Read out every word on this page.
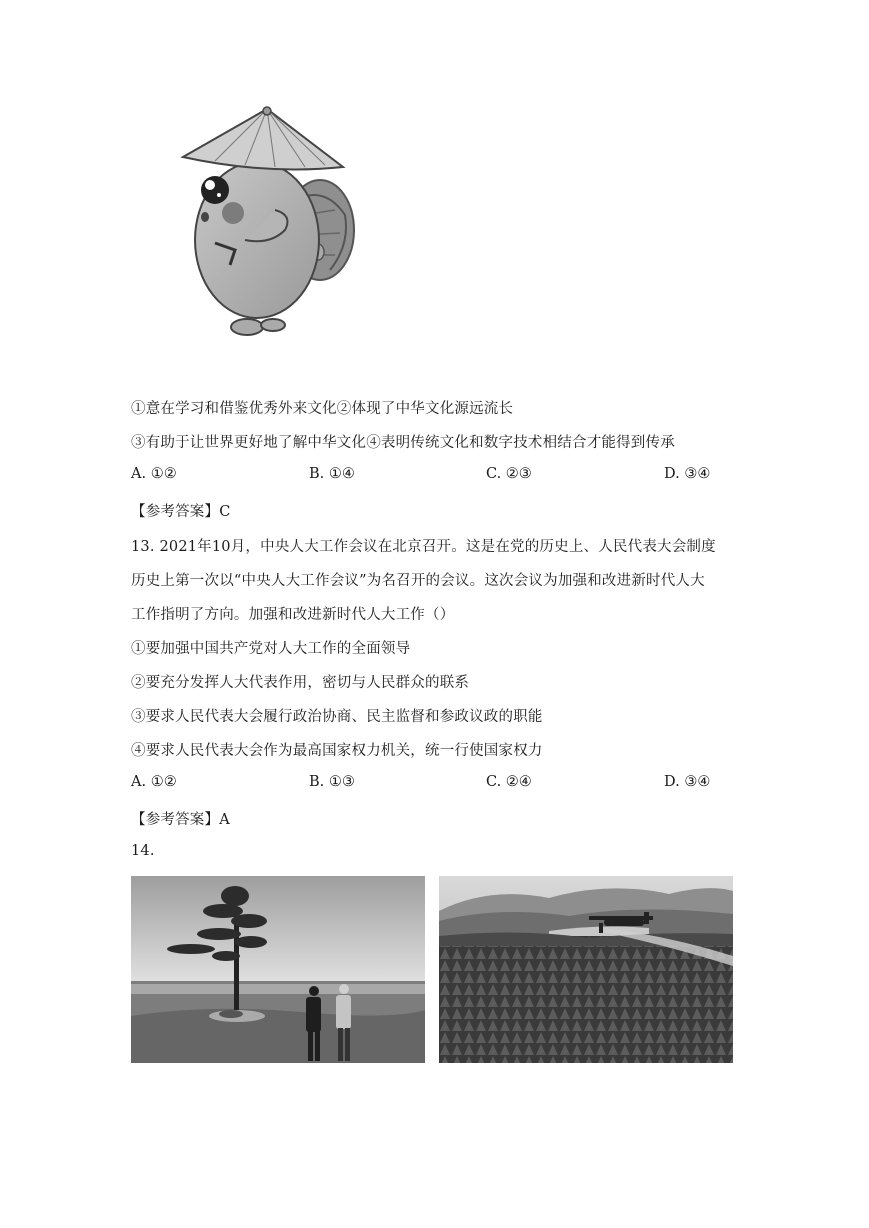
①意在学习和借鉴优秀外来文化②体现了中华文化源远流长
③有助于让世界更好地了解中华文化④表明传统文化和数字技术相结合才能得到传承
A. ①②	B. ①④	C. ②③	D. ③④
【参考答案】C
13. 2021年10月，中央人大工作会议在北京召开。这是在党的历史上、人民代表大会制度
历史上第一次以“中央人大工作会议”为名召开的会议。这次会议为加强和改进新时代人大
工作指明了方向。加强和改进新时代人大工作（）
①要加强中国共产党对人大工作的全面领导
②要充分发挥人大代表作用，密切与人民群众的联系
③要求人民代表大会履行政治协商、民主监督和参政议政的职能
④要求人民代表大会作为最高国家权力机关，统一行使国家权力
A. ①②	B. ①③	C. ②④	D. ③④
【参考答案】A
14.
